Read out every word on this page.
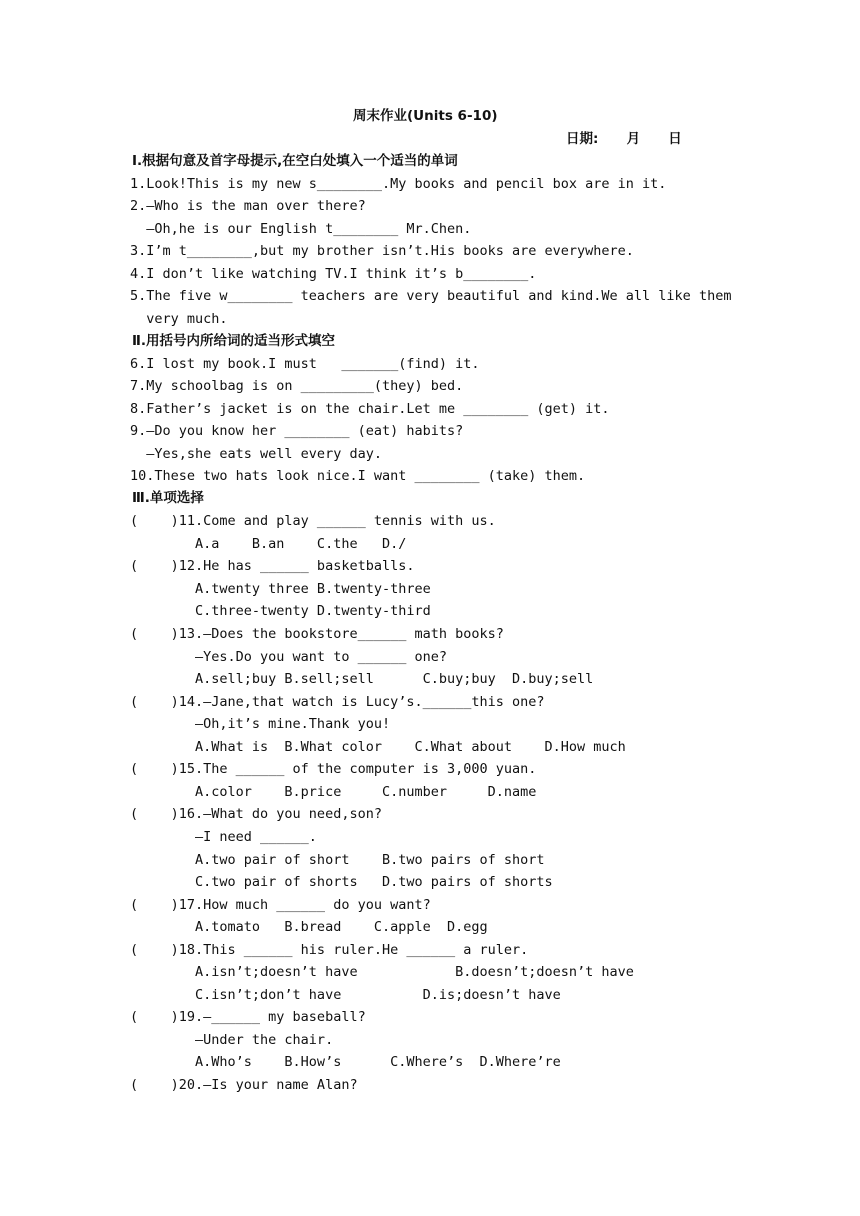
周末作业(Units 6-10)
日期:      月      日
Ⅰ.根据句意及首字母提示,在空白处填入一个适当的单词
1.Look!This is my new s________.My books and pencil box are in it.
2.—Who is the man over there?
—Oh,he is our English t________ Mr.Chen.
3.I’m t________,but my brother isn’t.His books are everywhere.
4.I don’t like watching TV.I think it’s b________.
5.The five w________ teachers are very beautiful and kind.We all like them
very much.
Ⅱ.用括号内所给词的适当形式填空
6.I lost my book.I must   _______(find) it.
7.My schoolbag is on _________(they) bed.
8.Father’s jacket is on the chair.Let me ________ (get) it.
9.—Do you know her ________ (eat) habits?
—Yes,she eats well every day.
10.These two hats look nice.I want ________ (take) them.
Ⅲ.单项选择
(    )11.Come and play ______ tennis with us.
A.a    B.an    C.the   D./
(    )12.He has ______ basketballs.
A.twenty three B.twenty-three
C.three-twenty D.twenty-third
(    )13.—Does the bookstore______ math books?
—Yes.Do you want to ______ one?
A.sell;buy B.sell;sell      C.buy;buy  D.buy;sell
(    )14.—Jane,that watch is Lucy’s.______this one?
—Oh,it’s mine.Thank you!
A.What is  B.What color    C.What about    D.How much
(    )15.The ______ of the computer is 3,000 yuan.
A.color    B.price     C.number     D.name
(    )16.—What do you need,son?
—I need ______.
A.two pair of short    B.two pairs of short
C.two pair of shorts   D.two pairs of shorts
(    )17.How much ______ do you want?
A.tomato   B.bread    C.apple  D.egg
(    )18.This ______ his ruler.He ______ a ruler.
A.isn’t;doesn’t have            B.doesn’t;doesn’t have
C.isn’t;don’t have          D.is;doesn’t have
(    )19.—______ my baseball?
—Under the chair.
A.Who’s    B.How’s      C.Where’s  D.Where’re
(    )20.—Is your name Alan?
